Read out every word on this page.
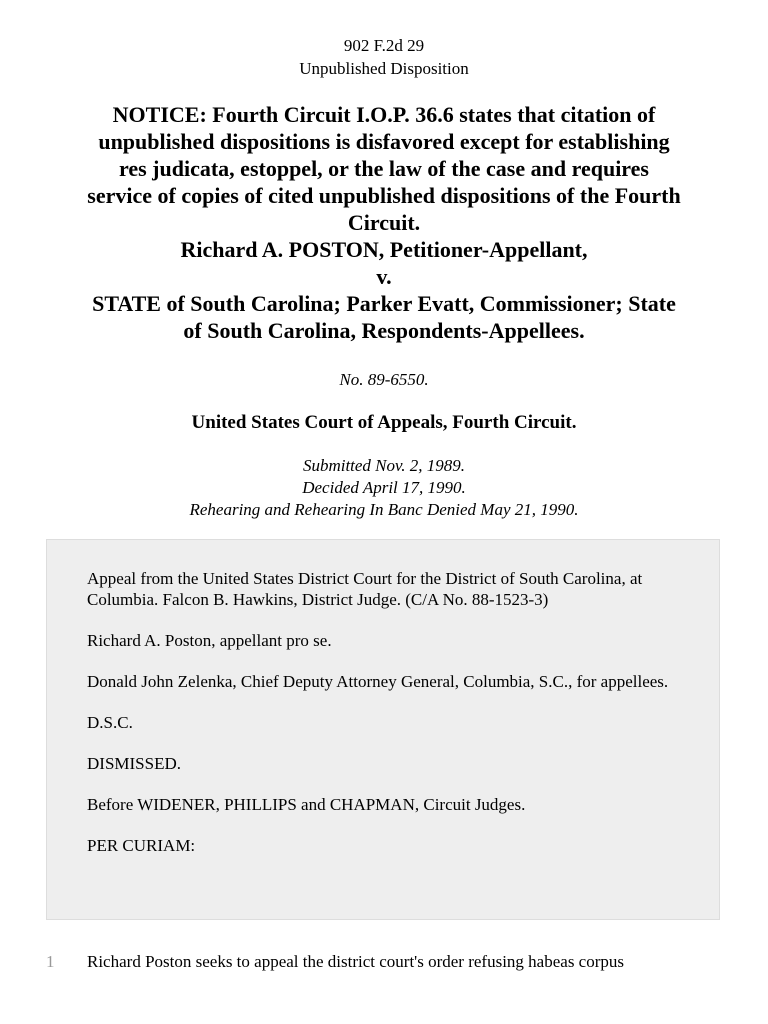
902 F.2d 29
Unpublished Disposition
NOTICE: Fourth Circuit I.O.P. 36.6 states that citation of
unpublished dispositions is disfavored except for establishing
res judicata, estoppel, or the law of the case and requires
service of copies of cited unpublished dispositions of the Fourth
Circuit.
Richard A. POSTON, Petitioner-Appellant,
v.
STATE of South Carolina; Parker Evatt, Commissioner; State
of South Carolina, Respondents-Appellees.
No. 89-6550.
United States Court of Appeals, Fourth Circuit.
Submitted Nov. 2, 1989.
Decided April 17, 1990.
Rehearing and Rehearing In Banc Denied May 21, 1990.

Appeal from the United States District Court for the District of South Carolina, at Columbia. Falcon B. Hawkins, District Judge. (C/A No. 88-1523-3)

Richard A. Poston, appellant pro se.

Donald John Zelenka, Chief Deputy Attorney General, Columbia, S.C., for appellees.

D.S.C.

DISMISSED.

Before WIDENER, PHILLIPS and CHAPMAN, Circuit Judges.

PER CURIAM:

1 Richard Poston seeks to appeal the district court's order refusing habeas corpus
